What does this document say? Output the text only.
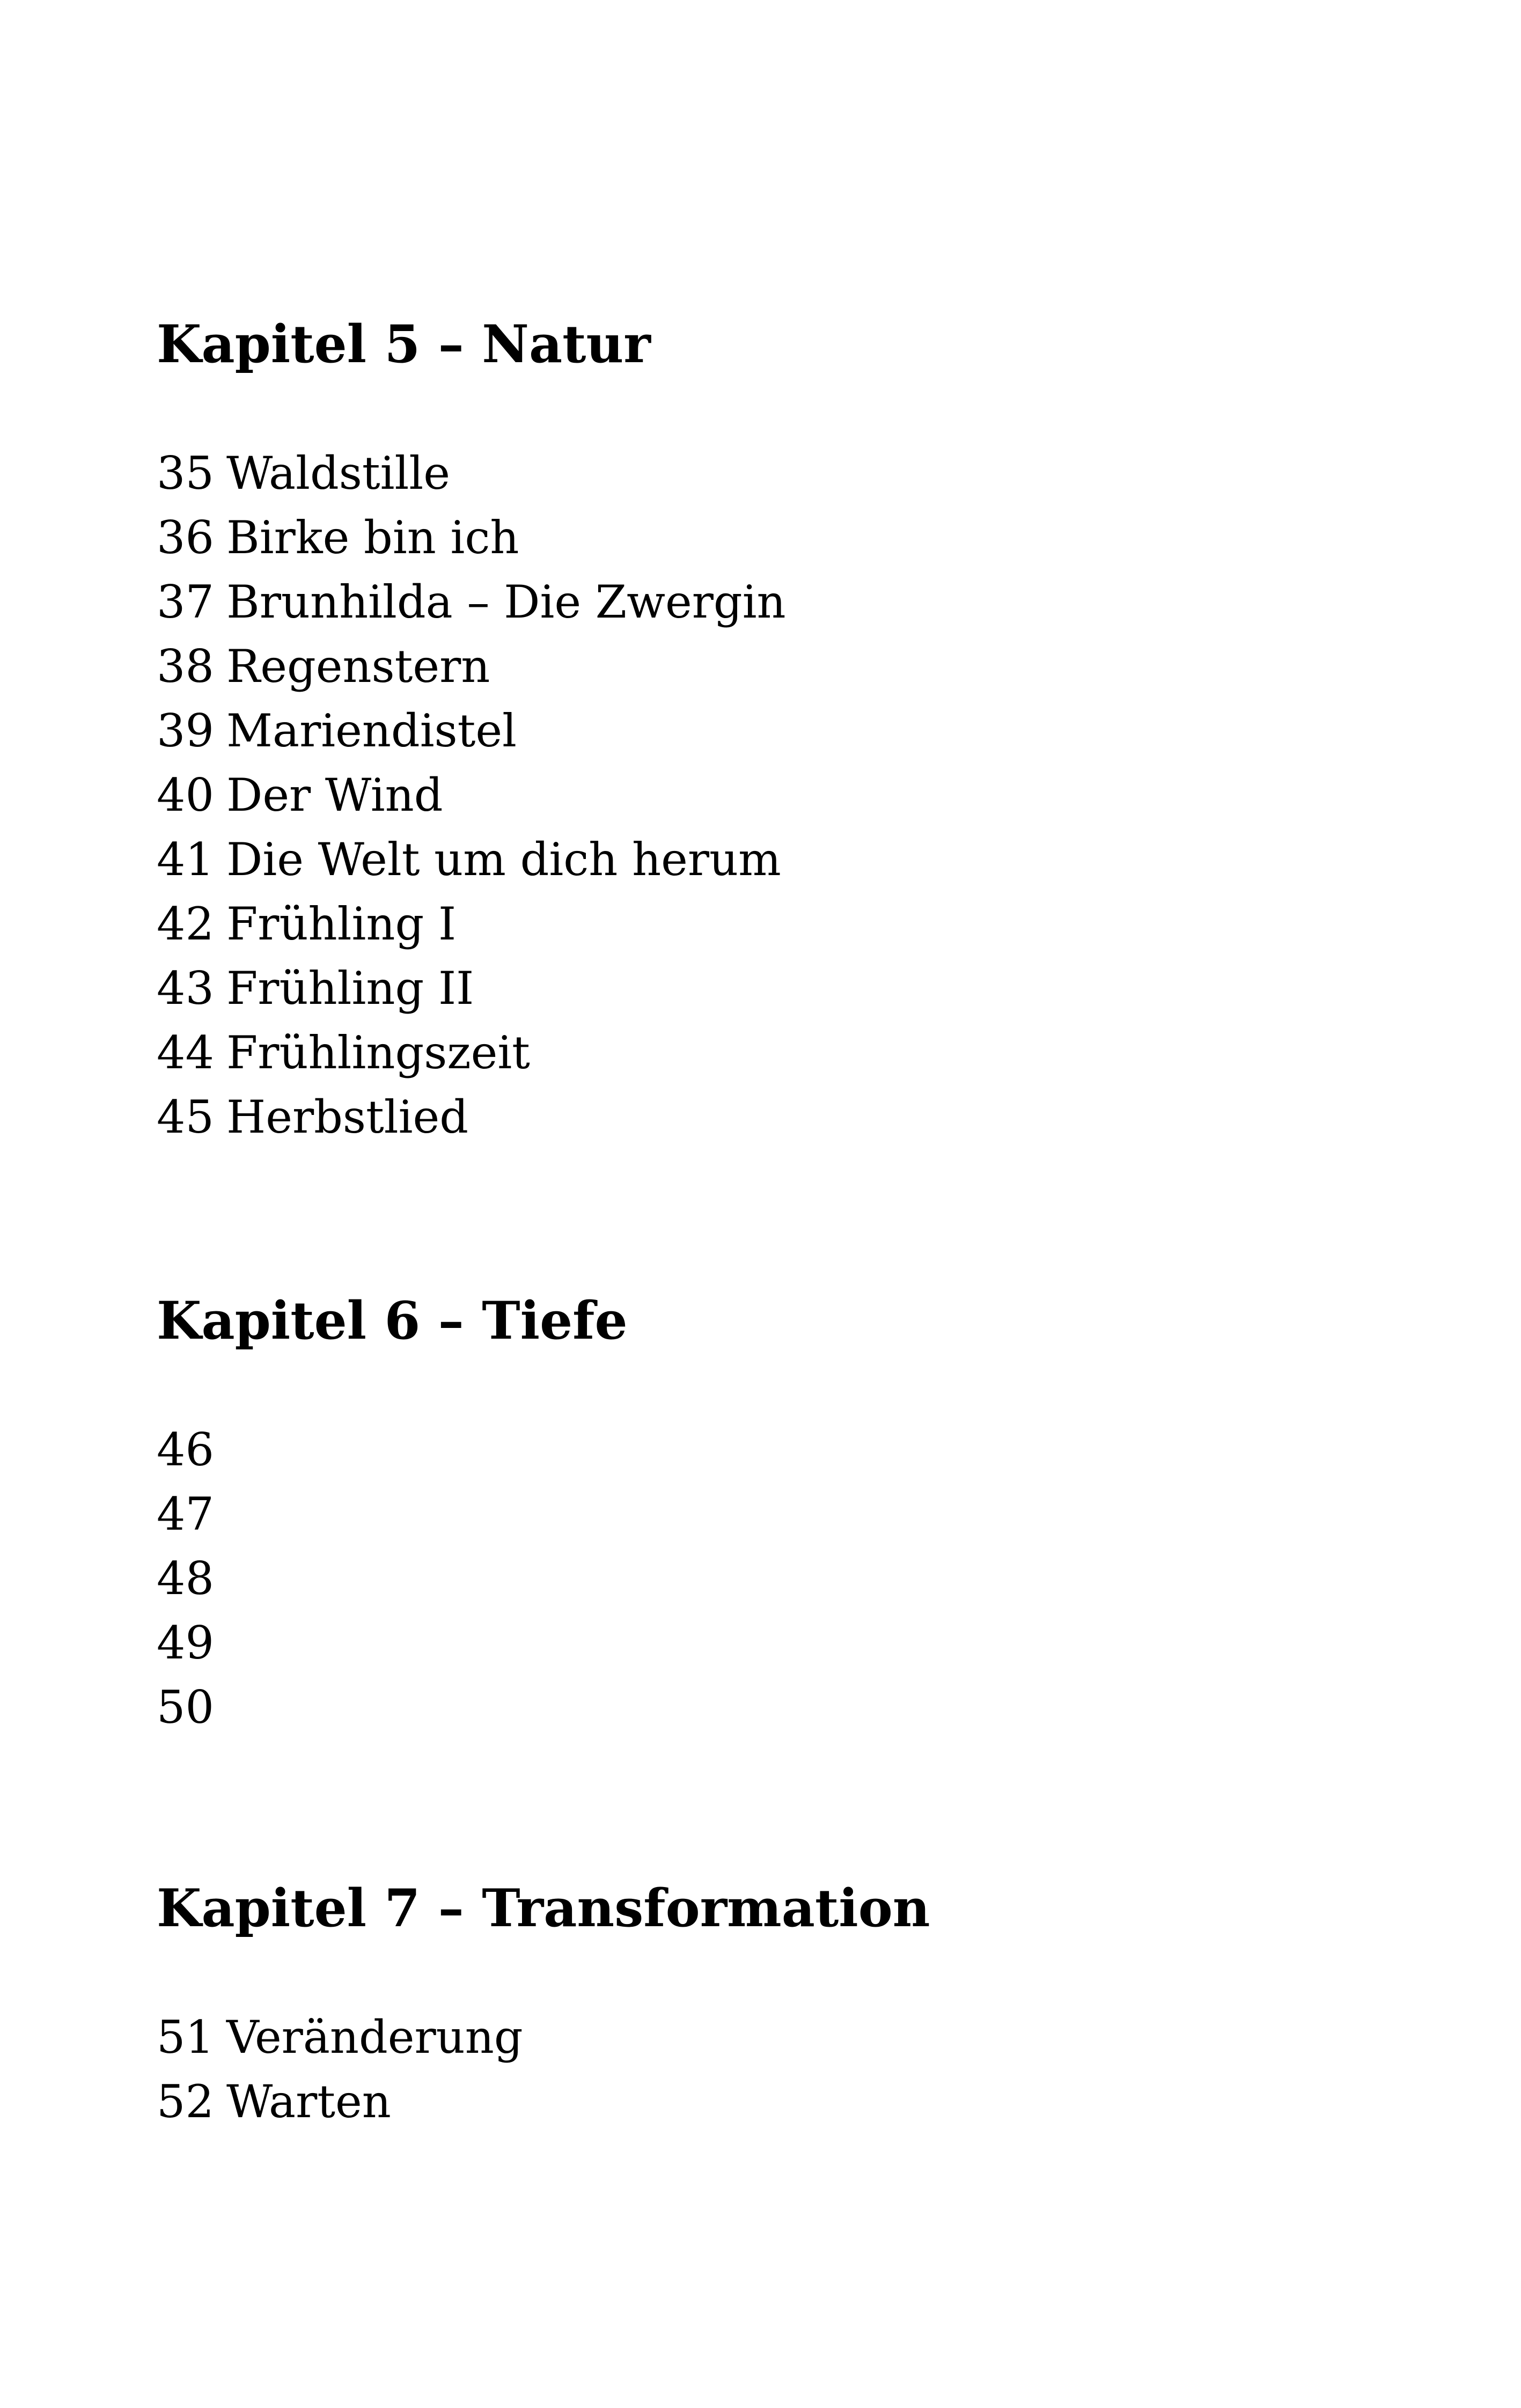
Kapitel 5 – Natur
35 Waldstille
36 Birke bin ich
37 Brunhilda – Die Zwergin
38 Regenstern
39 Mariendistel
40 Der Wind
41 Die Welt um dich herum
42 Frühling I
43 Frühling II
44 Frühlingszeit
45 Herbstlied
Kapitel 6 – Tiefe
46
47
48
49
50
Kapitel 7 – Transformation
51 Veränderung
52 Warten
